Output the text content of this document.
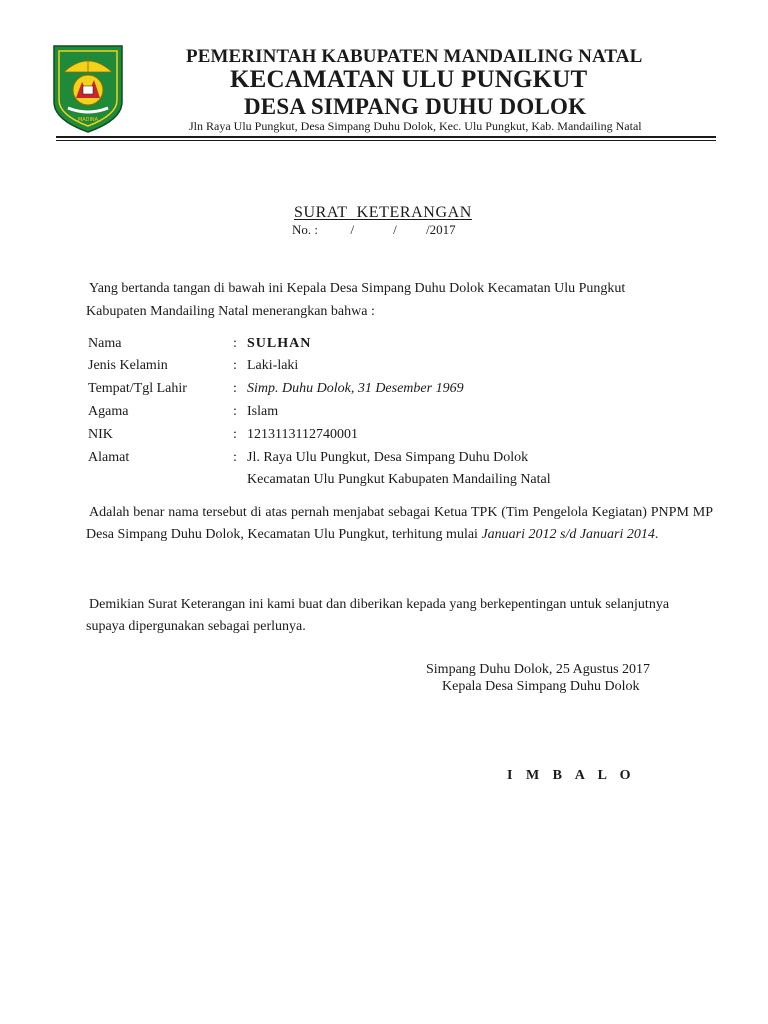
MADINA
PEMERINTAH KABUPATEN MANDAILING NATAL
KECAMATAN ULU PUNGKUT
DESA SIMPANG DUHU DOLOK
Jln Raya Ulu Pungkut, Desa Simpang Duhu Dolok, Kec. Ulu Pungkut, Kab. Mandailing Natal
SURAT  KETERANGAN
No. :          /            /         /2017
Yang bertanda tangan di bawah ini Kepala Desa Simpang Duhu Dolok Kecamatan Ulu Pungkut
Kabupaten Mandailing Natal menerangkan bahwa :
Nama	: SULHAN
Jenis Kelamin	: Laki-laki
Tempat/Tgl Lahir	: Simp. Duhu Dolok, 31 Desember 1969
Agama	: Islam
NIK	: 1213113112740001
Alamat	: Jl. Raya Ulu Pungkut, Desa Simpang Duhu Dolok
Kecamatan Ulu Pungkut Kabupaten Mandailing Natal

Adalah benar nama tersebut di atas pernah menjabat sebagai Ketua TPK (Tim Pengelola Kegiatan) PNPM MP Desa Simpang Duhu Dolok, Kecamatan Ulu Pungkut, terhitung mulai Januari 2012 s/d Januari 2014.

Demikian Surat Keterangan ini kami buat dan diberikan kepada yang berkepentingan untuk selanjutnya
supaya dipergunakan sebagai perlunya.
Simpang Duhu Dolok, 25 Agustus 2017
Kepala Desa Simpang Duhu Dolok
I M B A L O
